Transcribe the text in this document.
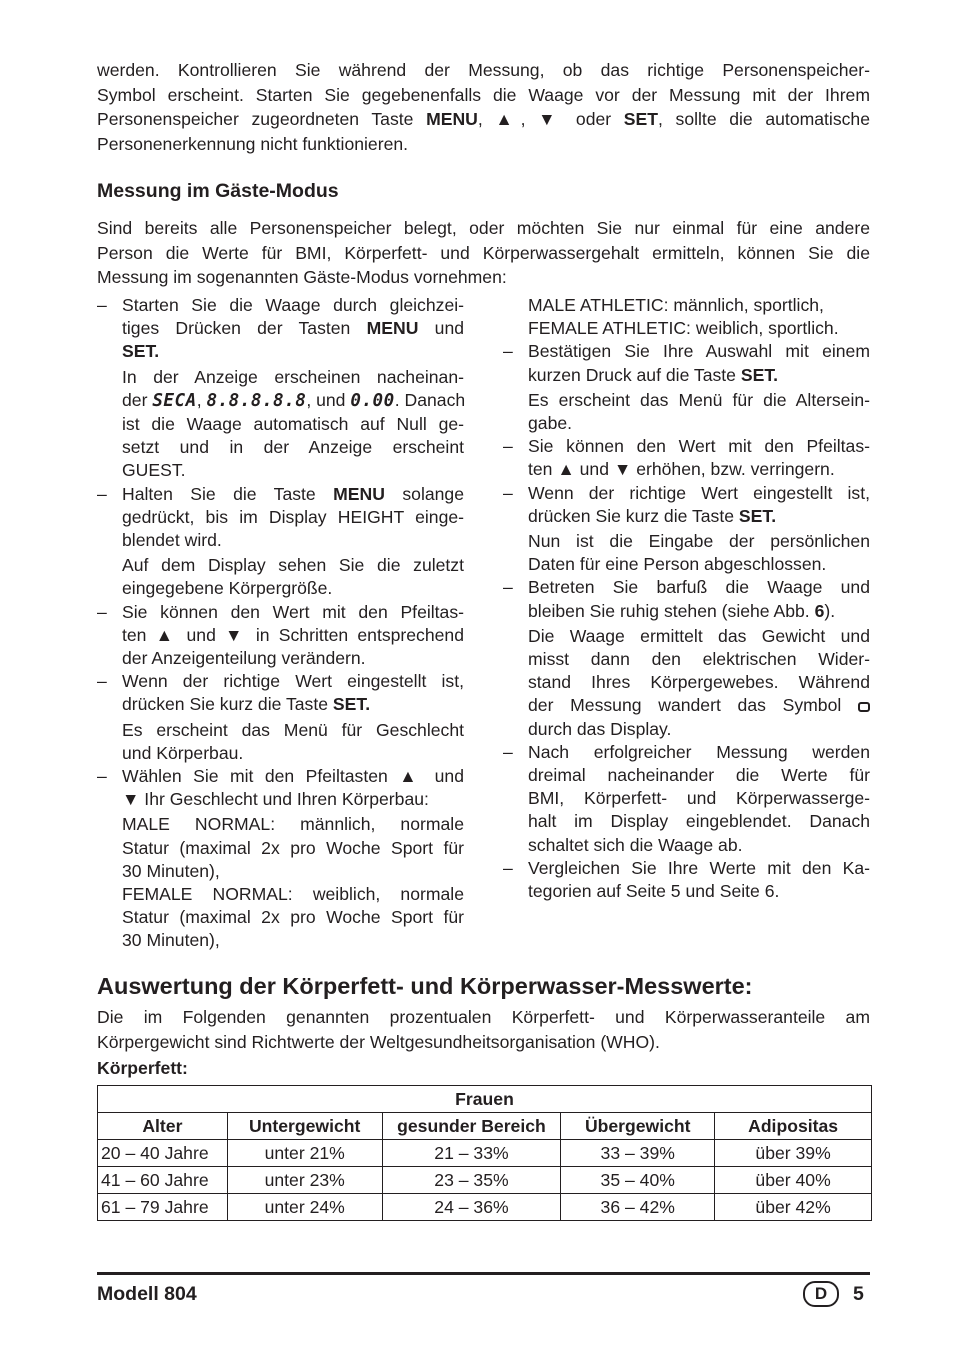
werden. Kontrollieren Sie während der Messung, ob das richtige Personenspeicher-
Symbol erscheint. Starten Sie gegebenenfalls die Waage vor der Messung mit der Ihrem
Personenspeicher zugeordneten Taste MENU, ▲, ▼ oder SET, sollte die automatische
Personenerkennung nicht funktionieren.
Messung im Gäste-Modus
Sind bereits alle Personenspeicher belegt, oder möchten Sie nur einmal für eine andere
Person die Werte für BMI, Körperfett- und Körperwassergehalt ermitteln, können Sie die
Messung im sogenannten Gäste-Modus vornehmen:
– Starten Sie die Waage durch gleichzei-
tiges Drücken der Tasten MENU und
SET.
In der Anzeige erscheinen nacheinan-
der SECA, 8.8.8.8.8, und 0.00. Danach
ist die Waage automatisch auf Null ge-
setzt und in der Anzeige erscheint
GUEST.
– Halten Sie die Taste MENU solange
gedrückt, bis im Display HEIGHT einge-
blendet wird.
Auf dem Display sehen Sie die zuletzt
eingegebene Körpergröße.
– Sie können den Wert mit den Pfeiltas-
ten ▲ und ▼ in Schritten entsprechend
der Anzeigenteilung verändern.
– Wenn der richtige Wert eingestellt ist,
drücken Sie kurz die Taste SET.
Es erscheint das Menü für Geschlecht
und Körperbau.
– Wählen Sie mit den Pfeiltasten ▲ und
▼ Ihr Geschlecht und Ihren Körperbau:
MALE NORMAL: männlich, normale
Statur (maximal 2x pro Woche Sport für
30 Minuten),
FEMALE NORMAL: weiblich, normale
Statur (maximal 2x pro Woche Sport für
30 Minuten),
MALE ATHLETIC: männlich, sportlich,
FEMALE ATHLETIC: weiblich, sportlich.
– Bestätigen Sie Ihre Auswahl mit einem
kurzen Druck auf die Taste SET.
Es erscheint das Menü für die Altersein-
gabe.
– Sie können den Wert mit den Pfeiltas-
ten ▲ und ▼ erhöhen, bzw. verringern.
– Wenn der richtige Wert eingestellt ist,
drücken Sie kurz die Taste SET.
Nun ist die Eingabe der persönlichen
Daten für eine Person abgeschlossen.
– Betreten Sie barfuß die Waage und
bleiben Sie ruhig stehen (siehe Abb. 6).
Die Waage ermittelt das Gewicht und
misst dann den elektrischen Wider-
stand Ihres Körpergewebes. Während
der Messung wandert das Symbol
durch das Display.
– Nach erfolgreicher Messung werden
dreimal nacheinander die Werte für
BMI, Körperfett- und Körperwasserge-
halt im Display eingeblendet. Danach
schaltet sich die Waage ab.
– Vergleichen Sie Ihre Werte mit den Ka-
tegorien auf Seite 5 und Seite 6.
Auswertung der Körperfett- und Körperwasser-Messwerte:
Die im Folgenden genannten prozentualen Körperfett- und Körperwasseranteile am
Körpergewicht sind Richtwerte der Weltgesundheitsorganisation (WHO).
Körperfett:
Frauen				
Alter	Untergewicht	gesunder Bereich	Übergewicht	Adipositas
20 – 40 Jahre	unter 21%	21 – 33%	33 – 39%	über 39%
41 – 60 Jahre	unter 23%	23 – 35%	35 – 40%	über 40%
61 – 79 Jahre	unter 24%	24 – 36%	36 – 42%	über 42%
Modell 804	D	5
